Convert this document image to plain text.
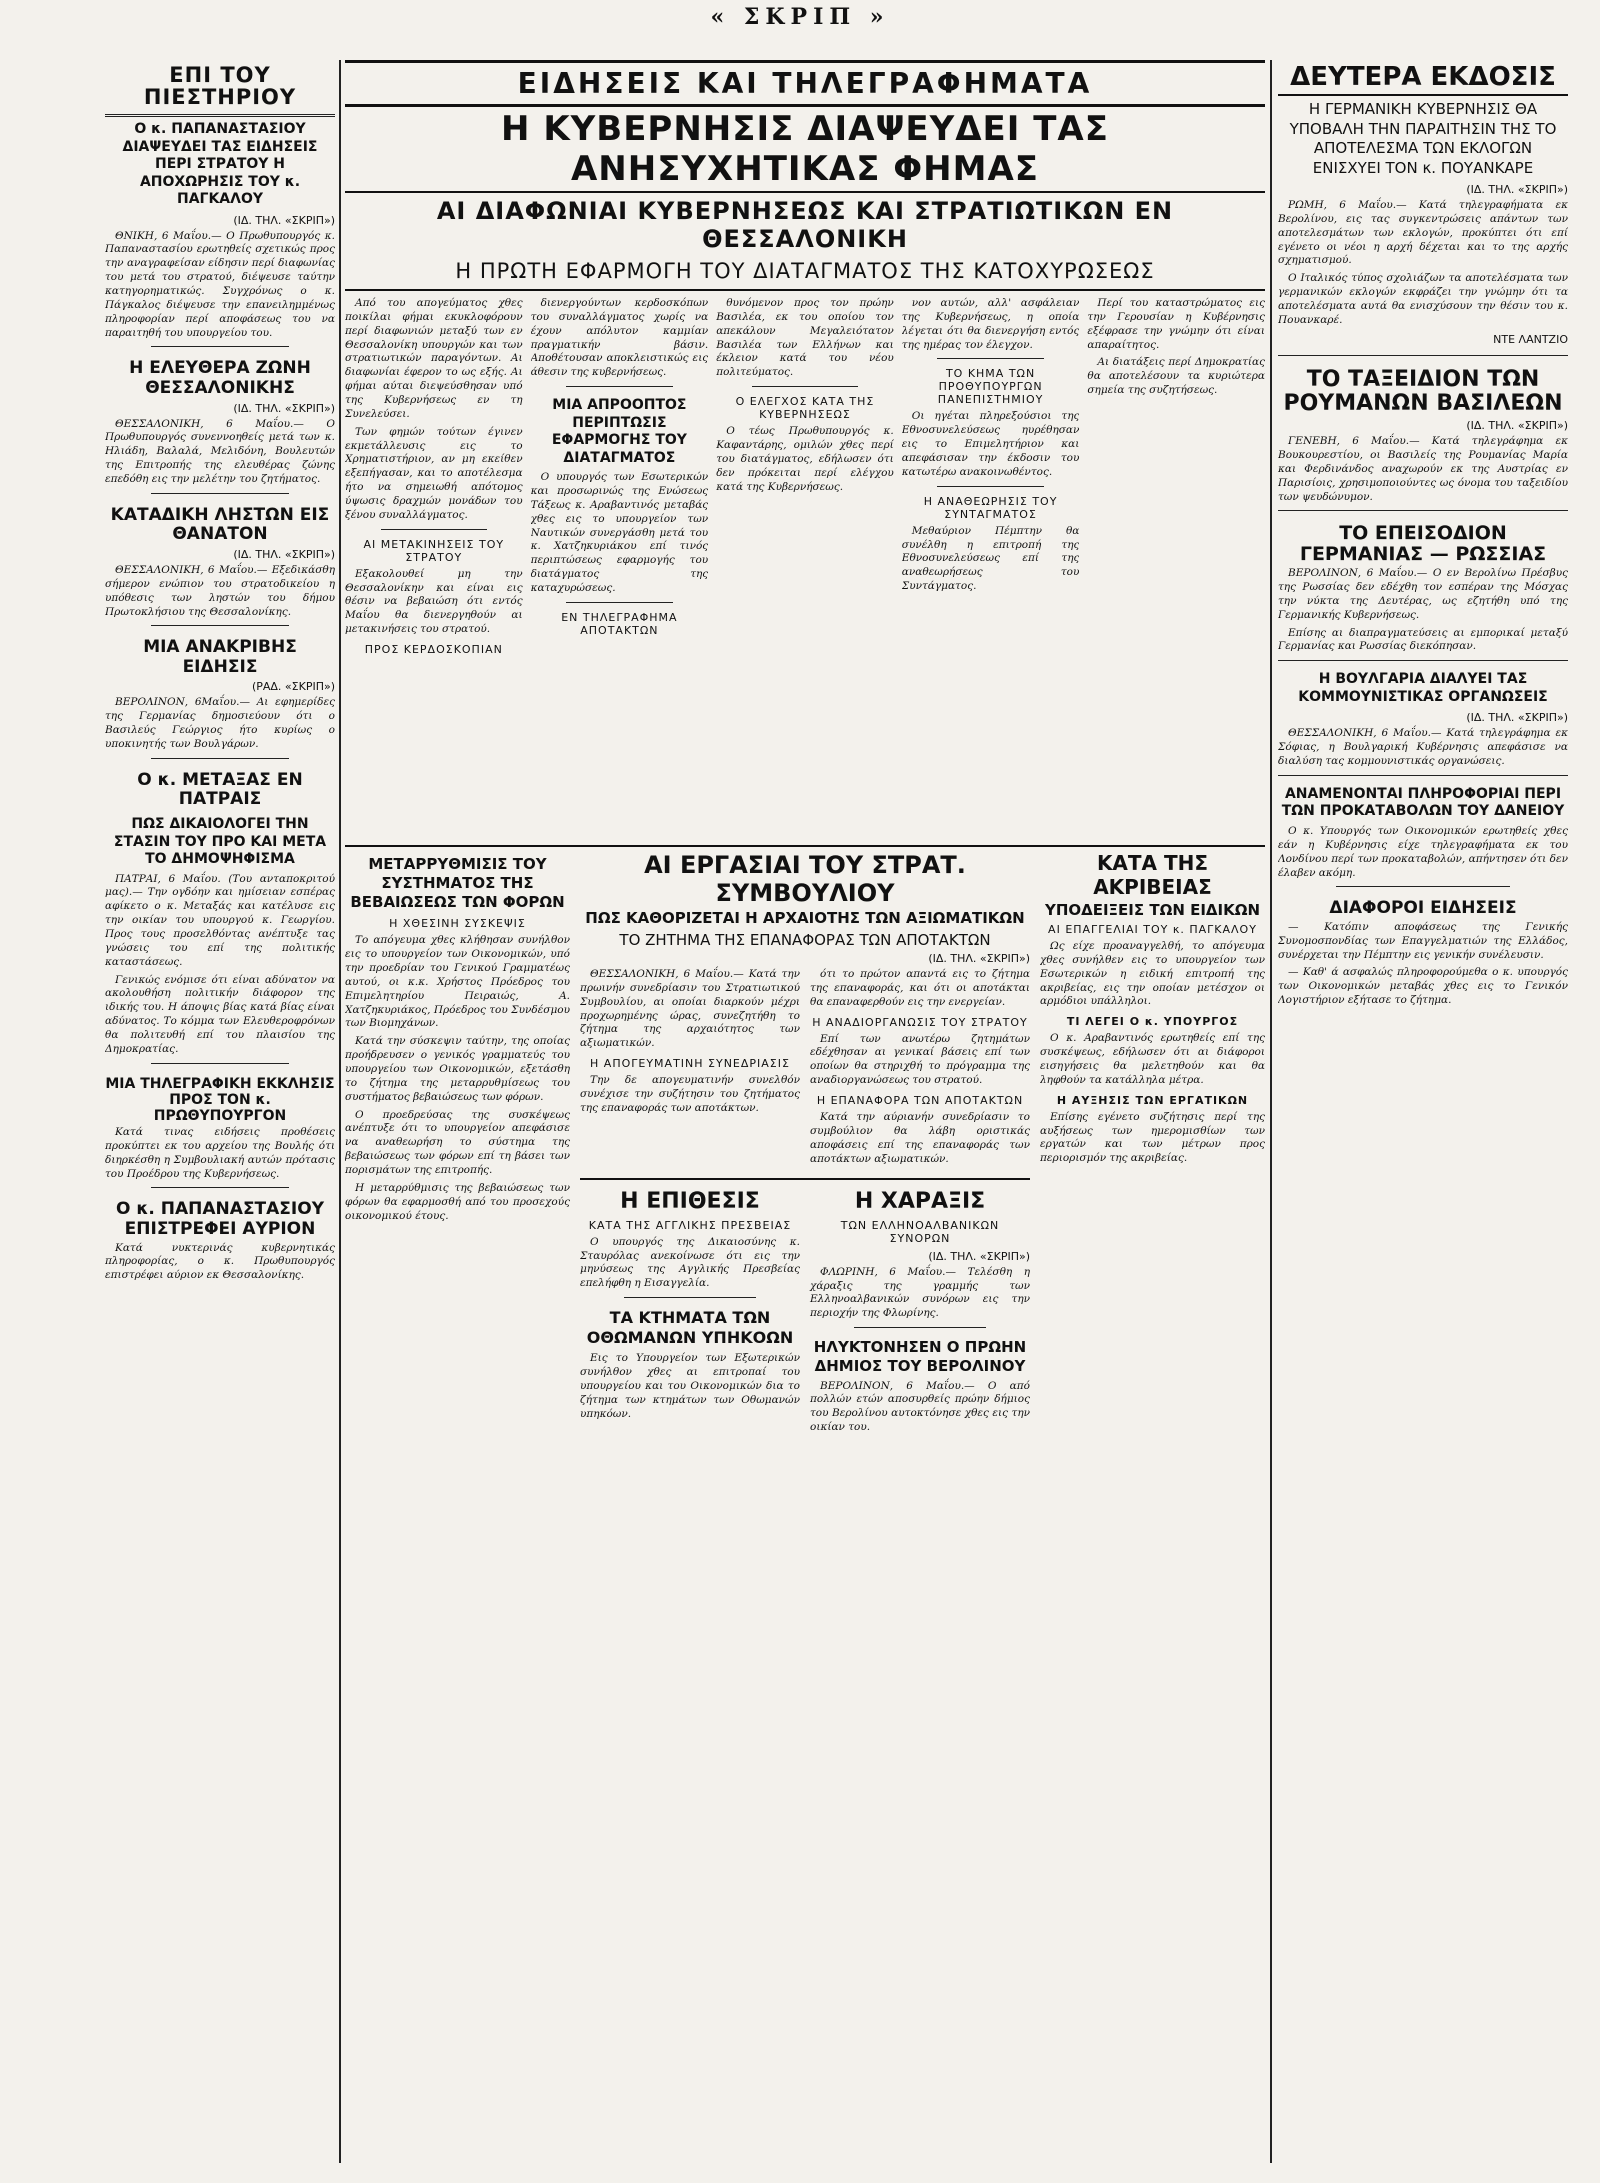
« ΣΚΡΙΠ »
ΕΠΙ ΤΟΥ ΠΙΕΣΤΗΡΙΟΥ
Ο κ. ΠΑΠΑΝΑΣΤΑΣΙΟΥ ΔΙΑΨΕΥΔΕΙ ΤΑΣ ΕΙΔΗΣΕΙΣ ΠΕΡΙ ΣΤΡΑΤΟΥ Η ΑΠΟΧΩΡΗΣΙΣ ΤΟΥ κ. ΠΑΓΚΑΛΟΥ
(ΙΔ. ΤΗΛ. «ΣΚΡΙΠ»)

ΘΝΙΚΗ, 6 Μαΐου.— Ο Πρωθυπουργός κ. Παπαναστασίου ερωτηθείς σχετικώς προς την αναγραφείσαν είδησιν περί διαφωνίας του μετά του στρατού, διέψευσε ταύτην κατηγορηματικώς. Συγχρόνως ο κ. Πάγκαλος διέψευσε την επανειλημμένως πληροφορίαν περί αποφάσεως του να παραιτηθή του υπουργείου του.

Η ΕΛΕΥΘΕΡΑ ΖΩΝΗ ΘΕΣΣΑΛΟΝΙΚΗΣ
(ΙΔ. ΤΗΛ. «ΣΚΡΙΠ»)

ΘΕΣΣΑΛΟΝΙΚΗ, 6 Μαΐου.— Ο Πρωθυπουργός συνεννοηθείς μετά των κ. Ηλιάδη, Βαλαλά, Μελιδόνη, Βουλευτών της Επιτροπής της ελευθέρας ζώνης επεδόθη εις την μελέτην του ζητήματος.

ΚΑΤΑΔΙΚΗ ΛΗΣΤΩΝ ΕΙΣ ΘΑΝΑΤΟΝ
(ΙΔ. ΤΗΛ. «ΣΚΡΙΠ»)

ΘΕΣΣΑΛΟΝΙΚΗ, 6 Μαΐου.— Εξεδικάσθη σήμερον ενώπιον του στρατοδικείου η υπόθεσις των ληστών του δήμου Πρωτοκλήσιου της Θεσσαλονίκης.

ΜΙΑ ΑΝΑΚΡΙΒΗΣ ΕΙΔΗΣΙΣ
(ΡΑΔ. «ΣΚΡΙΠ»)

ΒΕΡΟΛΙΝΟΝ, 6Μαΐου.— Αι εφημερίδες της Γερμανίας δημοσιεύουν ότι ο Βασιλεύς Γεώργιος ήτο κυρίως ο υποκινητής των Βουλγάρων.

Ο κ. ΜΕΤΑΞΑΣ ΕΝ ΠΑΤΡΑΙΣ
ΠΩΣ ΔΙΚΑΙΟΛΟΓΕΙ ΤΗΝ ΣΤΑΣΙΝ ΤΟΥ ΠΡΟ ΚΑΙ ΜΕΤΑ ΤΟ ΔΗΜΟΨΗΦΙΣΜΑ

ΠΑΤΡΑΙ, 6 Μαΐου. (Του ανταποκριτού μας).— Την ογδόην και ημίσειαν εσπέρας αφίκετο ο κ. Μεταξάς και κατέλυσε εις την οικίαν του υπουργού κ. Γεωργίου. Προς τους προσελθόντας ανέπτυξε τας γνώσεις του επί της πολιτικής καταστάσεως.

Γενικώς ενόμισε ότι είναι αδύνατον να ακολουθήση πολιτικήν διάφορον της ιδικής του. Η άποψις βίας κατά βίας είναι αδύνατος. Το κόμμα των Ελευθεροφρόνων θα πολιτευθή επί του πλαισίου της Δημοκρατίας.

ΜΙΑ ΤΗΛΕΓΡΑΦΙΚΗ ΕΚΚΛΗΣΙΣ ΠΡΟΣ ΤΟΝ κ. ΠΡΩΘΥΠΟΥΡΓΟΝ

Κατά τινας ειδήσεις προθέσεις προκύπτει εκ του αρχείου της Βουλής ότι διηρκέσθη η Συμβουλιακή αυτών πρότασις του Προέδρου της Κυβερνήσεως.

Ο κ. ΠΑΠΑΝΑΣΤΑΣΙΟΥ ΕΠΙΣΤΡΕΦΕΙ ΑΥΡΙΟΝ

Κατά νυκτερινάς κυβερνητικάς πληροφορίας, ο κ. Πρωθυπουργός επιστρέφει αύριον εκ Θεσσαλονίκης.

ΕΙΔΗΣΕΙΣ ΚΑΙ ΤΗΛΕΓΡΑΦΗΜΑΤΑ
Η ΚΥΒΕΡΝΗΣΙΣ ΔΙΑΨΕΥΔΕΙ ΤΑΣ ΑΝΗΣΥΧΗΤΙΚΑΣ ΦΗΜΑΣ
ΑΙ ΔΙΑΦΩΝΙΑΙ ΚΥΒΕΡΝΗΣΕΩΣ ΚΑΙ ΣΤΡΑΤΙΩΤΙΚΩΝ ΕΝ ΘΕΣΣΑΛΟΝΙΚΗ
Η ΠΡΩΤΗ ΕΦΑΡΜΟΓΗ ΤΟΥ ΔΙΑΤΑΓΜΑΤΟΣ ΤΗΣ ΚΑΤΟΧΥΡΩΣΕΩΣ

Από του απογεύματος χθες ποικίλαι φήμαι εκυκλοφόρουν περί διαφωνιών μεταξύ των εν Θεσσαλονίκη υπουργών και των στρατιωτικών παραγόντων. Αι διαφωνίαι έφερον το ως εξής. Αι φήμαι αύται διεψεύσθησαν υπό της Κυβερνήσεως εν τη Συνελεύσει.

Των φημών τούτων έγινεν εκμετάλλευσις εις το Χρηματιστήριον, αν μη εκείθεν εξεπήγασαν, και το αποτέλεσμα ήτο να σημειωθή απότομος ύψωσις δραχμών μονάδων του ξένου συναλλάγματος.

ΑΙ ΜΕΤΑΚΙΝΗΣΕΙΣ ΤΟΥ ΣΤΡΑΤΟΥ

Εξακολουθεί μη την Θεσσαλονίκην και είναι εις θέσιν να βεβαιώση ότι εντός Μαΐου θα διενεργηθούν αι μετακινήσεις του στρατού.

ΠΡΟΣ ΚΕΡΔΟΣΚΟΠΙΑΝ

διενεργούντων κερδοσκόπων του συναλλάγματος χωρίς να έχουν απόλυτον καμμίαν πραγματικήν βάσιν. Αποθέτουσαν αποκλειστικώς εις άθεσιν της κυβερνήσεως.

ΜΙΑ ΑΠΡΟΟΠΤΟΣ ΠΕΡΙΠΤΩΣΙΣ ΕΦΑΡΜΟΓΗΣ ΤΟΥ ΔΙΑΤΑΓΜΑΤΟΣ

Ο υπουργός των Εσωτερικών και προσωρινώς της Ενώσεως Τάξεως κ. Αραβαντινός μεταβάς χθες εις το υπουργείον των Ναυτικών συνεργάσθη μετά του κ. Χατζηκυριάκου επί τινός περιπτώσεως εφαρμογής του διατάγματος της καταχυρώσεως.

ΕΝ ΤΗΛΕΓΡΑΦΗΜΑ ΑΠΟΤΑΚΤΩΝ

θυνόμενον προς τον πρώην Βασιλέα, εκ του οποίου τον απεκάλουν Μεγαλειότατον Βασιλέα των Ελλήνων και έκλειον κατά του νέου πολιτεύματος.

Ο ΕΛΕΓΧΟΣ ΚΑΤΑ ΤΗΣ ΚΥΒΕΡΝΗΣΕΩΣ

Ο τέως Πρωθυπουργός κ. Καφαντάρης, ομιλών χθες περί του διατάγματος, εδήλωσεν ότι δεν πρόκειται περί ελέγχου κατά της Κυβερνήσεως.

νον αυτών, αλλ' ασφάλειαν της Κυβερνήσεως, η οποία λέγεται ότι θα διενεργήση εντός της ημέρας τον έλεγχον.

ΤΟ ΚΗΜΑ ΤΩΝ ΠΡΟΘΥΠΟΥΡΓΩΝ ΠΑΝΕΠΙΣΤΗΜΙΟΥ

Οι ηγέται πληρεξούσιοι της Εθνοσυνελεύσεως ηυρέθησαν εις το Επιμελητήριον και απεφάσισαν την έκδοσιν του κατωτέρω ανακοινωθέντος.

Η ΑΝΑΘΕΩΡΗΣΙΣ ΤΟΥ ΣΥΝΤΑΓΜΑΤΟΣ

Μεθαύριον Πέμπτην θα συνέλθη η επιτροπή της Εθνοσυνελεύσεως επί της αναθεωρήσεως του Συντάγματος.

Περί του καταστρώματος εις την Γερουσίαν η Κυβέρνησις εξέφρασε την γνώμην ότι είναι απαραίτητος.

Αι διατάξεις περί Δημοκρατίας θα αποτελέσουν τα κυριώτερα σημεία της συζητήσεως.

ΜΕΤΑΡΡΥΘΜΙΣΙΣ ΤΟΥ ΣΥΣΤΗΜΑΤΟΣ ΤΗΣ ΒΕΒΑΙΩΣΕΩΣ ΤΩΝ ΦΟΡΩΝ
Η ΧΘΕΣΙΝΗ ΣΥΣΚΕΨΙΣ

Το απόγευμα χθες κλήθησαν συνήλθον εις το υπουργείον των Οικονομικών, υπό την προεδρίαν του Γενικού Γραμματέως αυτού, οι κ.κ. Χρήστος Πρόεδρος του Επιμελητηρίου Πειραιώς, Α. Χατζηκυριάκος, Πρόεδρος του Συνδέσμου των Βιομηχάνων.

Κατά την σύσκεψιν ταύτην, της οποίας προήδρευσεν ο γενικός γραμματεύς του υπουργείου των Οικονομικών, εξετάσθη το ζήτημα της μεταρρυθμίσεως του συστήματος βεβαιώσεως των φόρων.

Ο προεδρεύσας της συσκέψεως ανέπτυξε ότι το υπουργείον απεφάσισε να αναθεωρήση το σύστημα της βεβαιώσεως των φόρων επί τη βάσει των πορισμάτων της επιτροπής.

Η μεταρρύθμισις της βεβαιώσεως των φόρων θα εφαρμοσθή από του προσεχούς οικονομικού έτους.

ΑΙ ΕΡΓΑΣΙΑΙ ΤΟΥ ΣΤΡΑΤ. ΣΥΜΒΟΥΛΙΟΥ
ΠΩΣ ΚΑΘΟΡΙΖΕΤΑΙ Η ΑΡΧΑΙΟΤΗΣ ΤΩΝ ΑΞΙΩΜΑΤΙΚΩΝ
ΤΟ ΖΗΤΗΜΑ ΤΗΣ ΕΠΑΝΑΦΟΡΑΣ ΤΩΝ ΑΠΟΤΑΚΤΩΝ
(ΙΔ. ΤΗΛ. «ΣΚΡΙΠ»)

ΘΕΣΣΑΛΟΝΙΚΗ, 6 Μαΐου.— Κατά την πρωινήν συνεδρίασιν του Στρατιωτικού Συμβουλίου, αι οποίαι διαρκούν μέχρι προχωρημένης ώρας, συνεζητήθη το ζήτημα της αρχαιότητος των αξιωματικών.

Η ΑΠΟΓΕΥΜΑΤΙΝΗ ΣΥΝΕΔΡΙΑΣΙΣ

Την δε απογευματινήν συνελθόν συνέχισε την συζήτησιν του ζητήματος της επαναφοράς των αποτάκτων.

ότι το πρώτον απαντά εις το ζήτημα της επαναφοράς, και ότι οι αποτάκται θα επαναφερθούν εις την ενεργείαν.

Η ΑΝΑΔΙΟΡΓΑΝΩΣΙΣ ΤΟΥ ΣΤΡΑΤΟΥ

Επί των ανωτέρω ζητημάτων εδέχθησαν αι γενικαί βάσεις επί των οποίων θα στηριχθή το πρόγραμμα της αναδιοργανώσεως του στρατού.

Η ΕΠΑΝΑΦΟΡΑ ΤΩΝ ΑΠΟΤΑΚΤΩΝ

Κατά την αύριανήν συνεδρίασιν το συμβούλιον θα λάβη οριστικάς αποφάσεις επί της επαναφοράς των αποτάκτων αξιωματικών.

Η ΕΠΙΘΕΣΙΣ
ΚΑΤΑ ΤΗΣ ΑΓΓΛΙΚΗΣ ΠΡΕΣΒΕΙΑΣ

Ο υπουργός της Δικαιοσύνης κ. Σταυρόλας ανεκοίνωσε ότι εις την μηνύσεως της Αγγλικής Πρεσβείας επελήφθη η Εισαγγελία.

ΤΑ ΚΤΗΜΑΤΑ ΤΩΝ ΟΘΩΜΑΝΩΝ ΥΠΗΚΟΩΝ

Εις το Υπουργείον των Εξωτερικών συνήλθον χθες αι επιτροπαί του υπουργείου και του Οικονομικών δια το ζήτημα των κτημάτων των Οθωμανών υπηκόων.

Η ΧΑΡΑΞΙΣ
ΤΩΝ ΕΛΛΗΝΟΑΛΒΑΝΙΚΩΝ ΣΥΝΟΡΩΝ
(ΙΔ. ΤΗΛ. «ΣΚΡΙΠ»)

ΦΛΩΡΙΝΗ, 6 Μαΐου.— Τελέσθη η χάραξις της γραμμής των Ελληνοαλβανικών συνόρων εις την περιοχήν της Φλωρίνης.

ΗΛΥΚΤΟΝΗΣΕΝ Ο ΠΡΩΗΝ ΔΗΜΙΟΣ ΤΟΥ ΒΕΡΟΛΙΝΟΥ

ΒΕΡΟΛΙΝΟΝ, 6 Μαΐου.— Ο από πολλών ετών αποσυρθείς πρώην δήμιος του Βερολίνου αυτοκτόνησε χθες εις την οικίαν του.

ΚΑΤΑ ΤΗΣ ΑΚΡΙΒΕΙΑΣ
ΥΠΟΔΕΙΞΕΙΣ ΤΩΝ ΕΙΔΙΚΩΝ
ΑΙ ΕΠΑΓΓΕΛΙΑΙ ΤΟΥ κ. ΠΑΓΚΑΛΟΥ

Ως είχε προαναγγελθή, το απόγευμα χθες συνήλθεν εις το υπουργείον των Εσωτερικών η ειδική επιτροπή της ακριβείας, εις την οποίαν μετέσχον οι αρμόδιοι υπάλληλοι.

ΤΙ ΛΕΓΕΙ Ο κ. ΥΠΟΥΡΓΟΣ

Ο κ. Αραβαντινός ερωτηθείς επί της συσκέψεως, εδήλωσεν ότι αι διάφοροι εισηγήσεις θα μελετηθούν και θα ληφθούν τα κατάλληλα μέτρα.

Η ΑΥΞΗΣΙΣ ΤΩΝ ΕΡΓΑΤΙΚΩΝ

Επίσης εγένετο συζήτησις περί της αυξήσεως των ημερομισθίων των εργατών και των μέτρων προς περιορισμόν της ακριβείας.

ΔΕΥΤΕΡΑ ΕΚΔΟΣΙΣ
Η ΓΕΡΜΑΝΙΚΗ ΚΥΒΕΡΝΗΣΙΣ ΘΑ ΥΠΟΒΑΛΗ ΤΗΝ ΠΑΡΑΙΤΗΣΙΝ ΤΗΣ ΤΟ ΑΠΟΤΕΛΕΣΜΑ ΤΩΝ ΕΚΛΟΓΩΝ ΕΝΙΣΧΥΕΙ ΤΟΝ κ. ΠΟΥΑΝΚΑΡΕ
(ΙΔ. ΤΗΛ. «ΣΚΡΙΠ»)

ΡΩΜΗ, 6 Μαΐου.— Κατά τηλεγραφήματα εκ Βερολίνου, εις τας συγκεντρώσεις απάντων των αποτελεσμάτων των εκλογών, προκύπτει ότι επί εγένετο οι νέοι η αρχή δέχεται και το της αρχής σχηματισμού.

Ο Ιταλικός τύπος σχολιάζων τα αποτελέσματα των γερμανικών εκλογών εκφράζει την γνώμην ότι τα αποτελέσματα αυτά θα ενισχύσουν την θέσιν του κ. Πουανκαρέ.

ΝΤΕ ΛΑΝΤΖΙΟ
ΤΟ ΤΑΞΕΙΔΙΟΝ ΤΩΝ ΡΟΥΜΑΝΩΝ ΒΑΣΙΛΕΩΝ
(ΙΔ. ΤΗΛ. «ΣΚΡΙΠ»)

ΓΕΝΕΒΗ, 6 Μαΐου.— Κατά τηλεγράφημα εκ Βουκουρεστίου, οι Βασιλείς της Ρουμανίας Μαρία και Φερδινάνδος αναχωρούν εκ της Αυστρίας εν Παρισίοις, χρησιμοποιούντες ως όνομα του ταξειδίου των ψευδώνυμον.

ΤΟ ΕΠΕΙΣΟΔΙΟΝ ΓΕΡΜΑΝΙΑΣ — ΡΩΣΣΙΑΣ

ΒΕΡΟΛΙΝΟΝ, 6 Μαΐου.— Ο εν Βερολίνω Πρέσβυς της Ρωσσίας δεν εδέχθη τον εσπέραν της Μόσχας την νύκτα της Δευτέρας, ως εζητήθη υπό της Γερμανικής Κυβερνήσεως.

Επίσης αι διαπραγματεύσεις αι εμπορικαί μεταξύ Γερμανίας και Ρωσσίας διεκόπησαν.

Η ΒΟΥΛΓΑΡΙΑ ΔΙΑΛΥΕΙ ΤΑΣ ΚΟΜΜΟΥΝΙΣΤΙΚΑΣ ΟΡΓΑΝΩΣΕΙΣ
(ΙΔ. ΤΗΛ. «ΣΚΡΙΠ»)

ΘΕΣΣΑΛΟΝΙΚΗ, 6 Μαΐου.— Κατά τηλεγράφημα εκ Σόφιας, η Βουλγαρική Κυβέρνησις απεφάσισε να διαλύση τας κομμουνιστικάς οργανώσεις.

ΑΝΑΜΕΝΟΝΤΑΙ ΠΛΗΡΟΦΟΡΙΑΙ ΠΕΡΙ ΤΩΝ ΠΡΟΚΑΤΑΒΟΛΩΝ ΤΟΥ ΔΑΝΕΙΟΥ

Ο κ. Υπουργός των Οικονομικών ερωτηθείς χθες εάν η Κυβέρνησις είχε τηλεγραφήματα εκ του Λονδίνου περί των προκαταβολών, απήντησεν ότι δεν έλαβεν ακόμη.

ΔΙΑΦΟΡΟΙ ΕΙΔΗΣΕΙΣ

— Κατόπιν αποφάσεως της Γενικής Συνομοσπονδίας των Επαγγελματιών της Ελλάδος, συνέρχεται την Πέμπτην εις γενικήν συνέλευσιν.

— Καθ' ά ασφαλώς πληροφορούμεθα ο κ. υπουργός των Οικονομικών μεταβάς χθες εις το Γενικόν Λογιστήριον εξήτασε το ζήτημα.
